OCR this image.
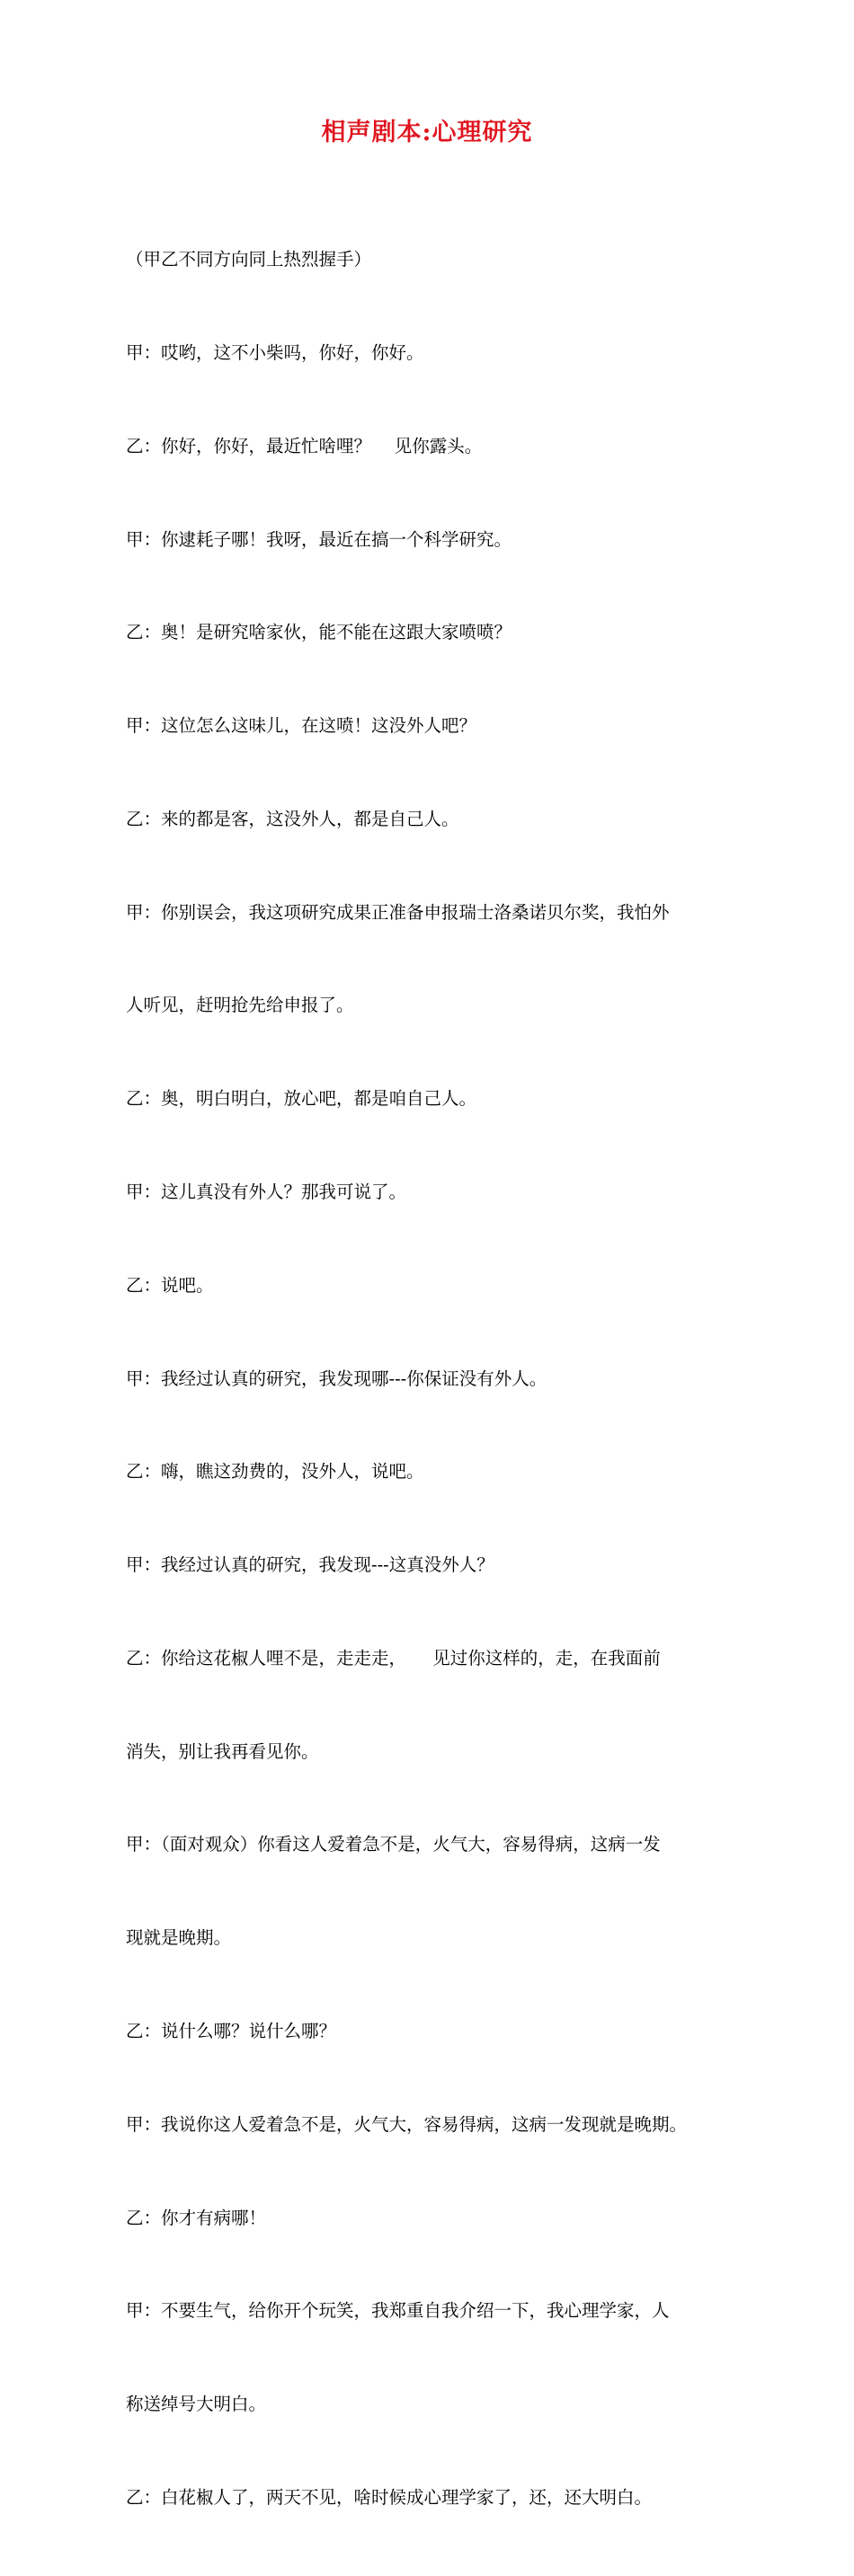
相声剧本:心理研究

（甲乙不同方向同上热烈握手）

甲：哎哟，这不小柴吗，你好，你好。

乙：你好，你好，最近忙啥哩？　 见你露头。

甲：你逮耗子哪！我呀，最近在搞一个科学研究。

乙：奥！是研究啥家伙，能不能在这跟大家喷喷？

甲：这位怎么这味儿，在这喷！这没外人吧？

乙：来的都是客，这没外人，都是自己人。

甲：你别误会，我这项研究成果正准备申报瑞士洛桑诺贝尔奖，我怕外

人听见，赶明抢先给申报了。

乙：奥，明白明白，放心吧，都是咱自己人。

甲：这儿真没有外人？那我可说了。

乙：说吧。

甲：我经过认真的研究，我发现哪---你保证没有外人。

乙：嗨，瞧这劲费的，没外人，说吧。

甲：我经过认真的研究，我发现---这真没外人？

乙：你给这花椒人哩不是，走走走，　　见过你这样的，走，在我面前

消失，别让我再看见你。

甲：（面对观众）你看这人爱着急不是，火气大，容易得病，这病一发

现就是晚期。

乙：说什么哪？说什么哪？

甲：我说你这人爱着急不是，火气大，容易得病，这病一发现就是晚期。

乙：你才有病哪！

甲：不要生气，给你开个玩笑，我郑重自我介绍一下，我心理学家，人

称送绰号大明白。

乙：白花椒人了，两天不见，啥时候成心理学家了，还，还大明白。
